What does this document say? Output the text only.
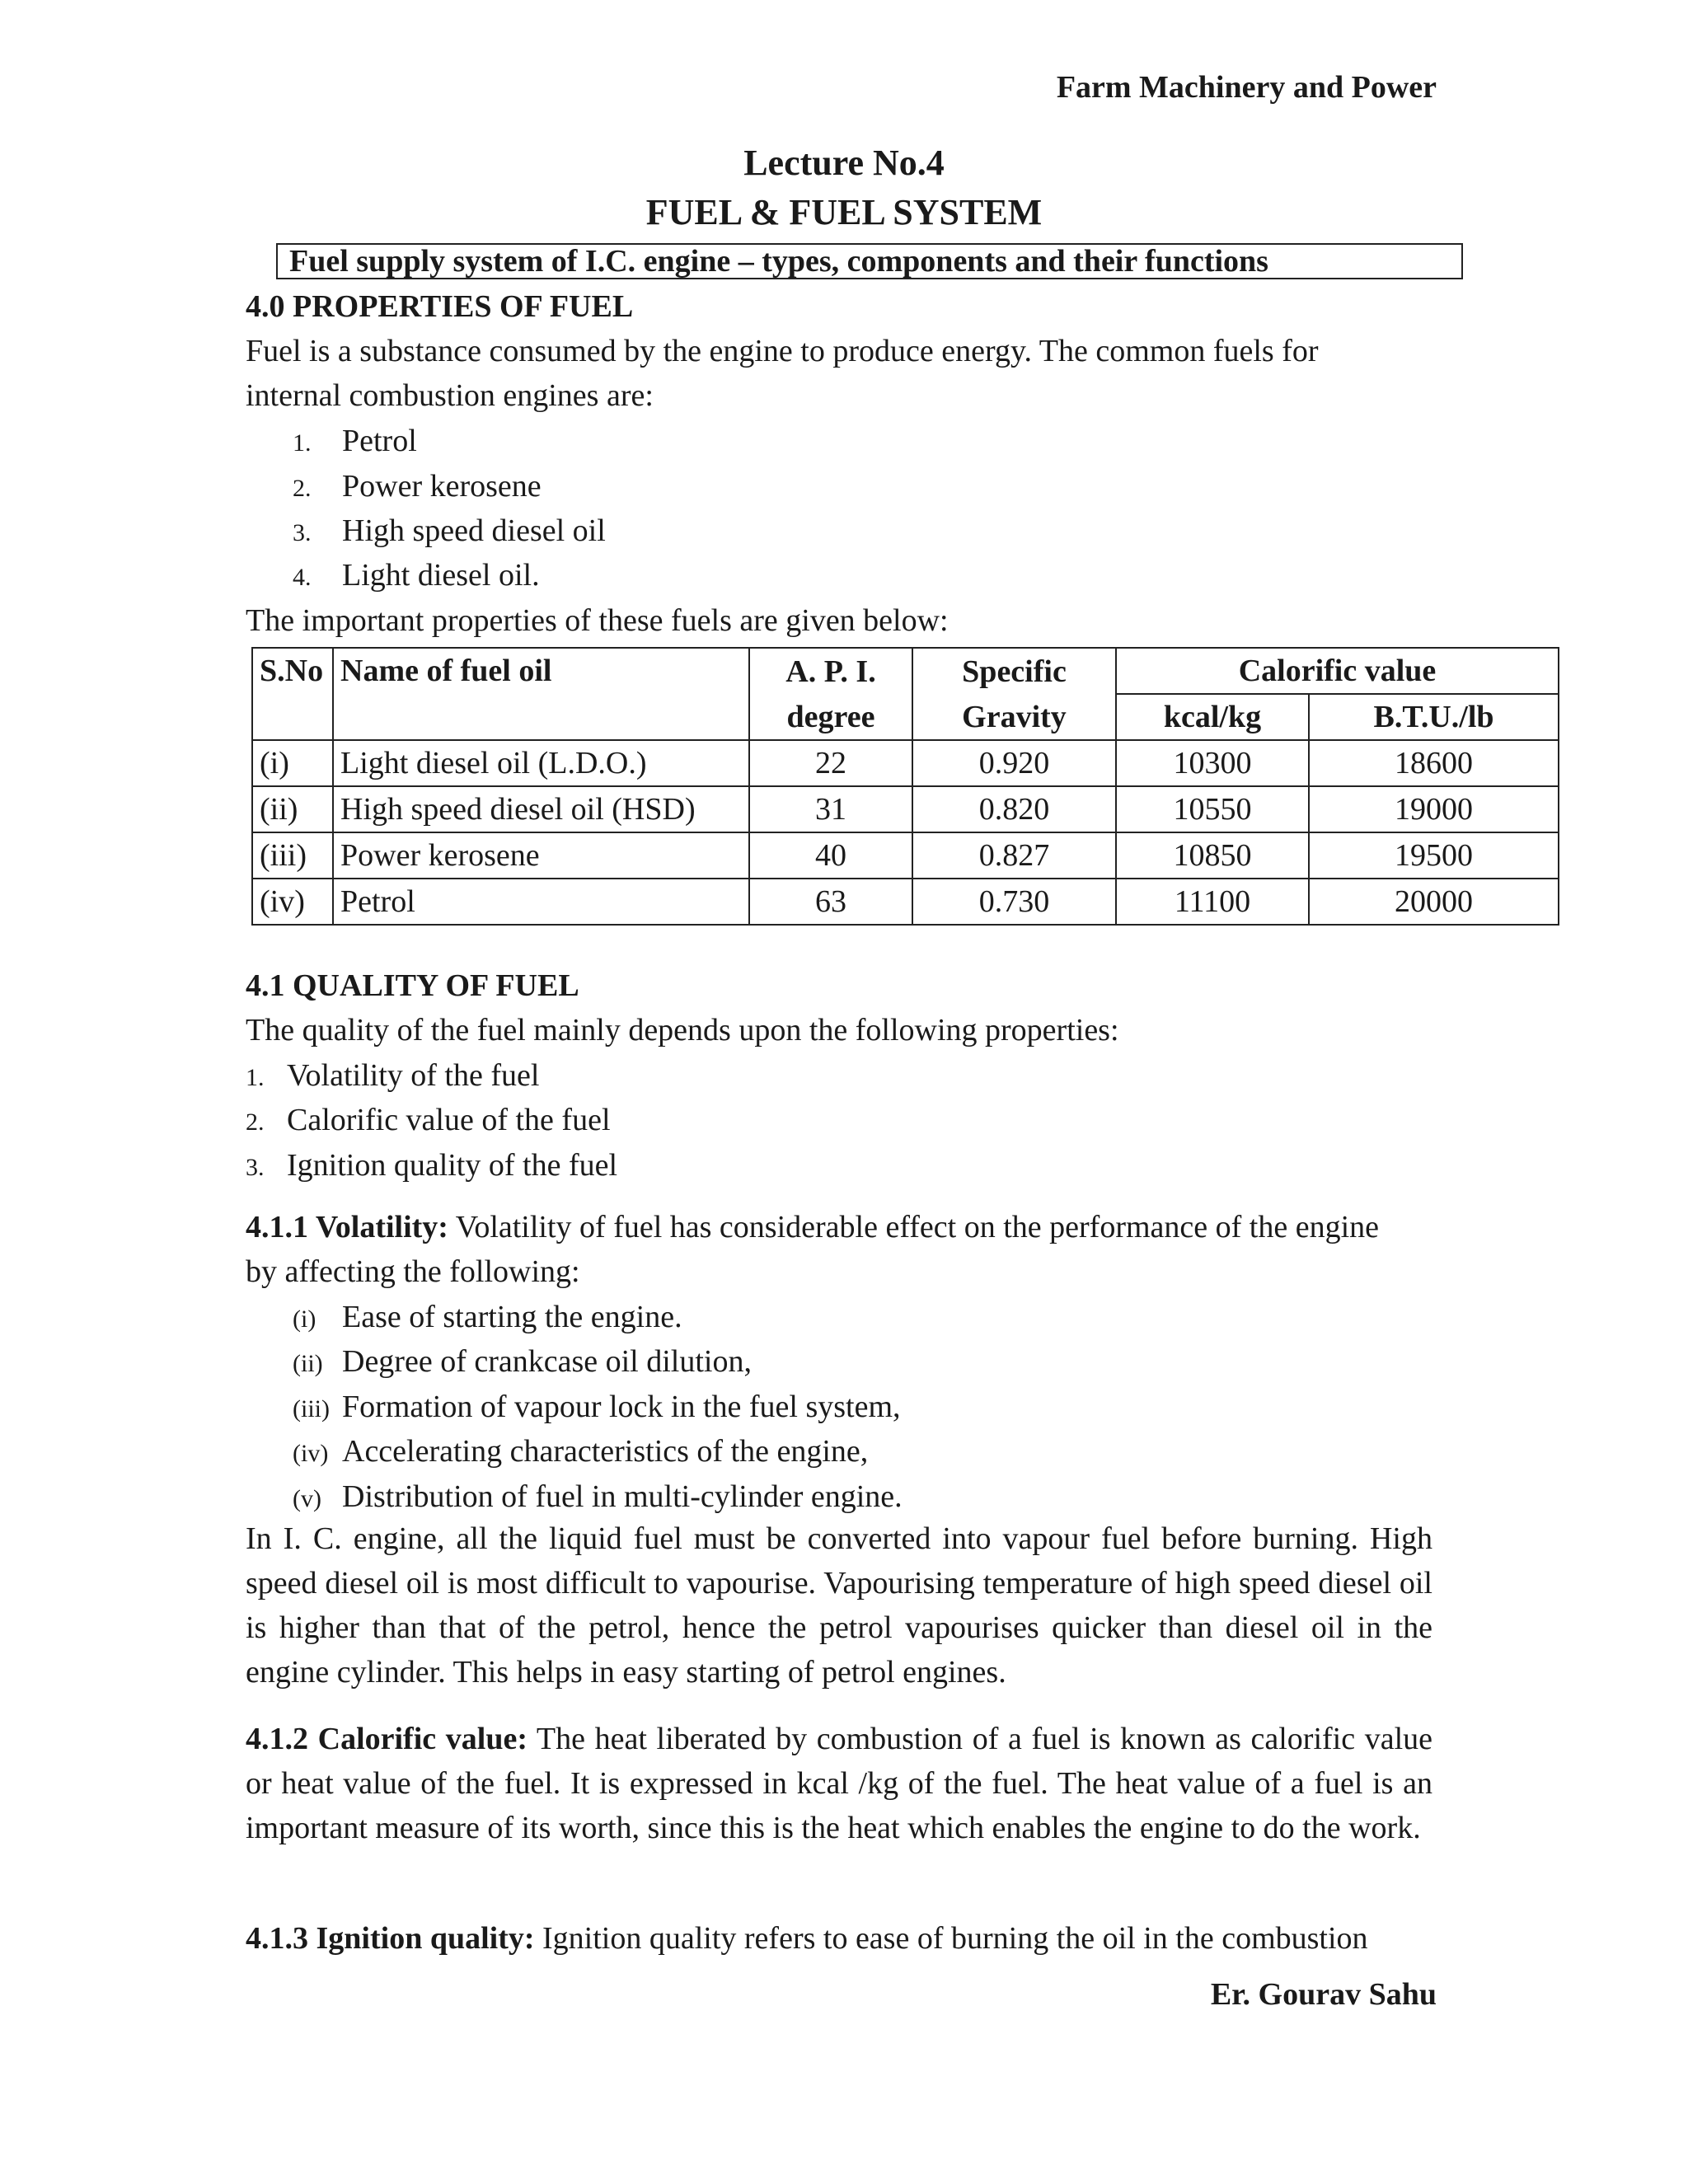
Farm Machinery and Power
Lecture No.4
FUEL & FUEL SYSTEM
Fuel supply system of I.C. engine – types, components and their functions
4.0 PROPERTIES OF FUEL
Fuel is a substance consumed by the engine to produce energy. The common fuels for
internal combustion engines are:
1. Petrol
2. Power kerosene
3. High speed diesel oil
4. Light diesel oil.
The important properties of these fuels are given below:
S.No	Name of fuel oil	A. P. I.	Specific	Calorific value	
		degree	Gravity	kcal/kg	B.T.U./lb
(i)	Light diesel oil (L.D.O.)	22	0.920	10300	18600
(ii)	High speed diesel oil (HSD)	31	0.820	10550	19000
(iii)	Power kerosene	40	0.827	10850	19500
(iv)	Petrol	63	0.730	11100	20000
4.1 QUALITY OF FUEL
The quality of the fuel mainly depends upon the following properties:
1. Volatility of the fuel
2. Calorific value of the fuel
3. Ignition quality of the fuel
4.1.1 Volatility: Volatility of fuel has considerable effect on the performance of the engine
by affecting the following:
(i) Ease of starting the engine.
(ii) Degree of crankcase oil dilution,
(iii) Formation of vapour lock in the fuel system,
(iv) Accelerating characteristics of the engine,
(v) Distribution of fuel in multi-cylinder engine.
In I. C. engine, all the liquid fuel must be converted into vapour fuel before burning. High speed diesel oil is most difficult to vapourise. Vapourising temperature of high speed diesel oil is higher than that of the petrol, hence the petrol vapourises quicker than diesel oil in the engine cylinder. This helps in easy starting of petrol engines.
4.1.2 Calorific value: The heat liberated by combustion of a fuel is known as calorific value or heat value of the fuel. It is expressed in kcal /kg of the fuel. The heat value of a fuel is an important measure of its worth, since this is the heat which enables the engine to do the work.
4.1.3 Ignition quality: Ignition quality refers to ease of burning the oil in the combustion
Er. Gourav Sahu
